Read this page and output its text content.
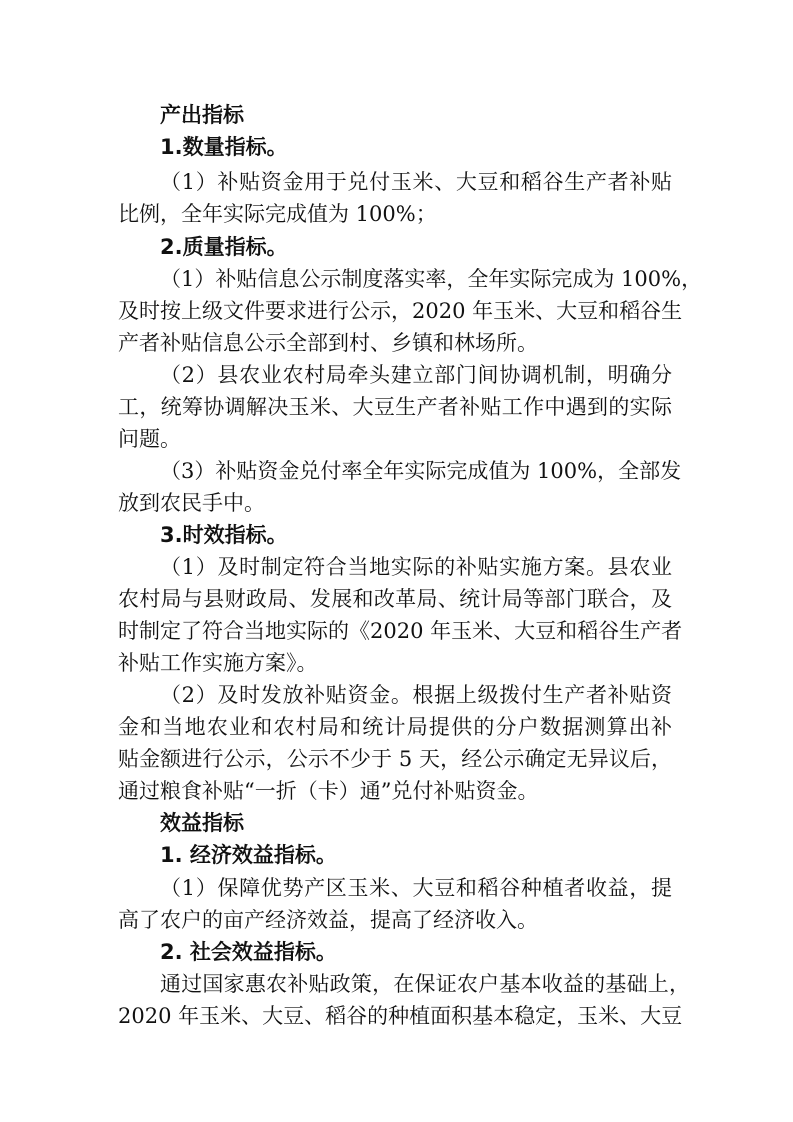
产出指标
1.数量指标。
（1）补贴资金用于兑付玉米、大豆和稻谷生产者补贴
比例，全年实际完成值为 100%；
2.质量指标。
（1）补贴信息公示制度落实率，全年实际完成为 100%，
及时按上级文件要求进行公示，2020 年玉米、大豆和稻谷生
产者补贴信息公示全部到村、乡镇和林场所。
（2）县农业农村局牵头建立部门间协调机制，明确分
工，统筹协调解决玉米、大豆生产者补贴工作中遇到的实际
问题。
（3）补贴资金兑付率全年实际完成值为 100%，全部发
放到农民手中。
3.时效指标。
（1）及时制定符合当地实际的补贴实施方案。县农业
农村局与县财政局、发展和改革局、统计局等部门联合，及
时制定了符合当地实际的《2020 年玉米、大豆和稻谷生产者
补贴工作实施方案》。
（2）及时发放补贴资金。根据上级拨付生产者补贴资
金和当地农业和农村局和统计局提供的分户数据测算出补
贴金额进行公示，公示不少于 5 天，经公示确定无异议后，
通过粮食补贴“一折（卡）通”兑付补贴资金。
效益指标
1. 经济效益指标。
（1）保障优势产区玉米、大豆和稻谷种植者收益，提
高了农户的亩产经济效益，提高了经济收入。
2. 社会效益指标。
通过国家惠农补贴政策，在保证农户基本收益的基础上，
2020 年玉米、大豆、稻谷的种植面积基本稳定，玉米、大豆
